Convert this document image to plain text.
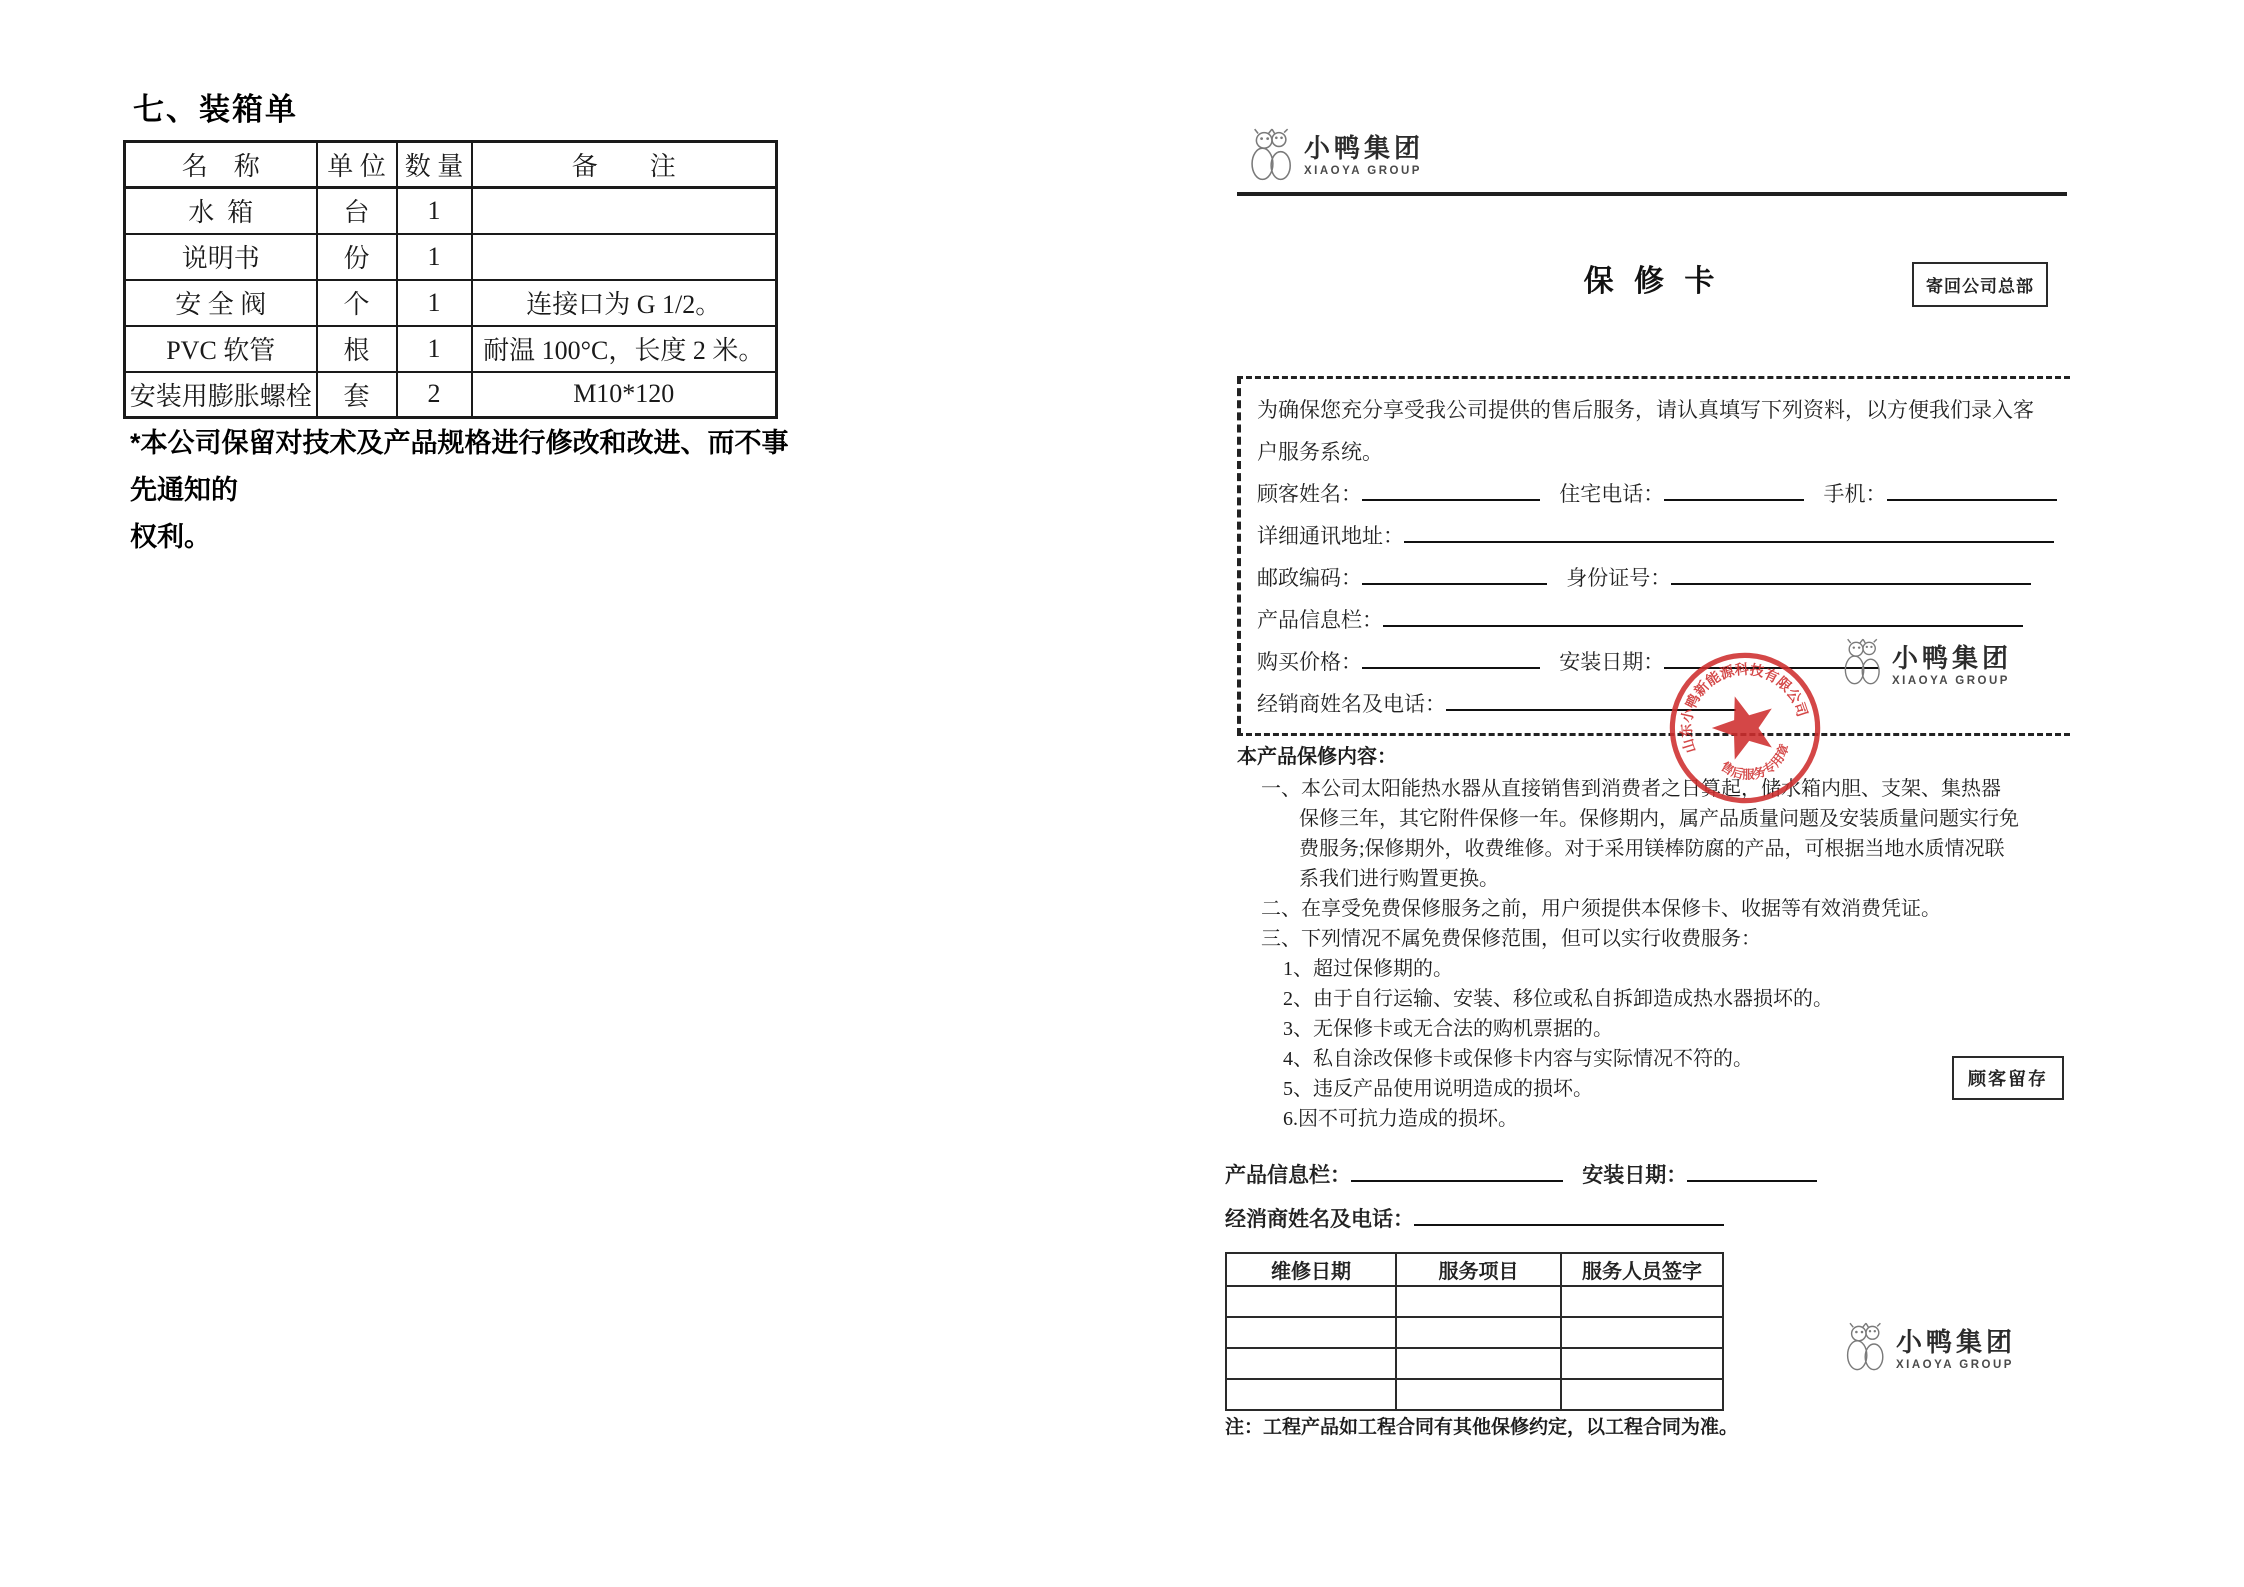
七、装箱单
名    称	单 位	数 量	备        注
水  箱	台	1	
说明书	份	1	
安 全 阀	个	1	连接口为 G 1/2。
PVC 软管	根	1	耐温 100°C，长度 2 米。
安装用膨胀螺栓	套	2	M10*120
*本公司保留对技术及产品规格进行修改和改进、而不事先通知的
权利。
小鸭集团
XIAOYA GROUP
保 修 卡	寄回公司总部
为确保您充分享受我公司提供的售后服务，请认真填写下列资料，以方便我们录入客
户服务系统。
顾客姓名：	住宅电话：	手机：
详细通讯地址：
邮政编码：	身份证号：
产品信息栏：
购买价格：	安装日期：
经销商姓名及电话：
小鸭集团
XIAOYA GROUP
山东小鸭新能源科技有限公司
售后服务专用章
本产品保修内容：
一、本公司太阳能热水器从直接销售到消费者之日算起，储水箱内胆、支架、集热器
保修三年，其它附件保修一年。保修期内，属产品质量问题及安装质量问题实行免
费服务;保修期外，收费维修。对于采用镁棒防腐的产品，可根据当地水质情况联
系我们进行购置更换。
二、在享受免费保修服务之前，用户须提供本保修卡、收据等有效消费凭证。
三、下列情况不属免费保修范围，但可以实行收费服务：
1、超过保修期的。
2、由于自行运输、安装、移位或私自拆卸造成热水器损坏的。
3、无保修卡或无合法的购机票据的。
4、私自涂改保修卡或保修卡内容与实际情况不符的。
5、违反产品使用说明造成的损坏。
6.因不可抗力造成的损坏。
顾客留存
产品信息栏：	安装日期：
经消商姓名及电话：
维修日期	服务项目	服务人员签字

注：工程产品如工程合同有其他保修约定，以工程合同为准。
小鸭集团
XIAOYA GROUP
